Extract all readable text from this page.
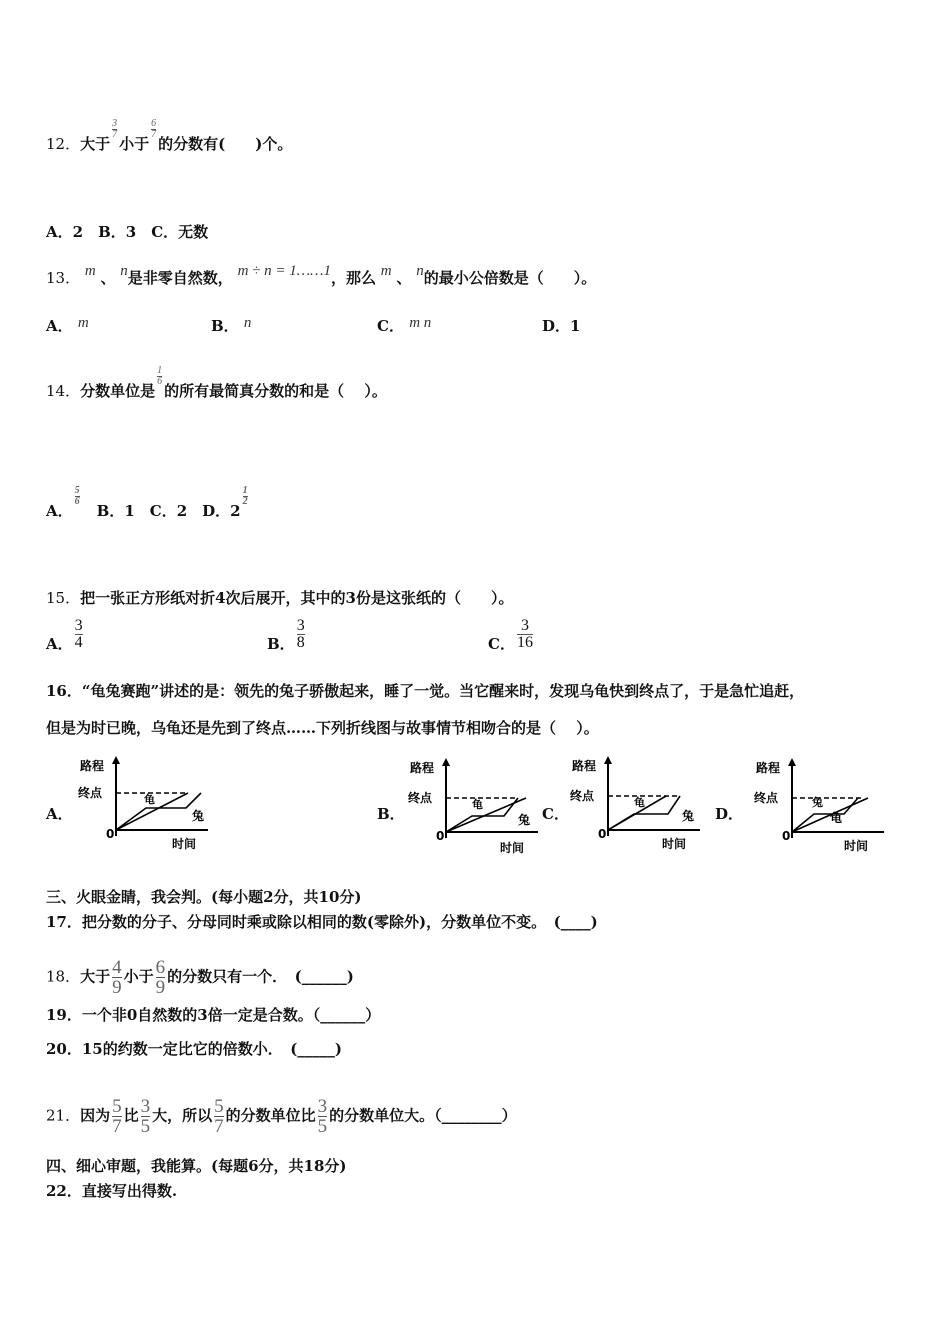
12．大于
$\frac{3}{7}$
小于
$\frac{6}{7}$
的分数有(　　)个。
A．2　B．3　C．无数
13． m 、 n是非零自然数， m ÷ n = 1……1，那么 m 、 n的最小公倍数是（　　）。
A． m	B． n	C． m n	D．1
14．分数单位是
$\frac{1}{6}$
的所有最简真分数的和是（　 ）。
A．
$\frac{5}{6}$
　B．1　C．2　D．2
$\frac{1}{2}$
15．把一张正方形纸对折4次后展开，其中的3份是这张纸的（　　）。
A． $\frac{3}{4}$	B． $\frac{3}{8}$	C． $\frac{3}{16}$
16．“龟兔赛跑”讲述的是：领先的兔子骄傲起来，睡了一觉。当它醒来时，发现乌龟快到终点了，于是急忙追赶，
但是为时已晚，乌龟还是先到了终点……下列折线图与故事情节相吻合的是（　 ）。
A．	B．	C．	D．
路程
终点
0
时间
龟
兔
路程
终点
0
时间
龟
兔
路程
终点
0
时间
龟
兔
路程
终点
0
时间
兔
龟
三、火眼金睛，我会判。(每小题2分，共10分)
17．把分数的分子、分母同时乘或除以相同的数(零除外)，分数单位不变。　(____)
18．大于 $\frac{4}{9}$ 小于 $\frac{6}{9}$ 的分数只有一个．　(______)
19．一个非0自然数的3倍一定是合数。（______）
20．15的约数一定比它的倍数小．　(_____)
21．因为 $\frac{5}{7}$ 比 $\frac{3}{5}$ 大，所以 $\frac{5}{7}$ 的分数单位比 $\frac{3}{5}$ 的分数单位大。（________）
四、细心审题，我能算。(每题6分，共18分)
22．直接写出得数.
